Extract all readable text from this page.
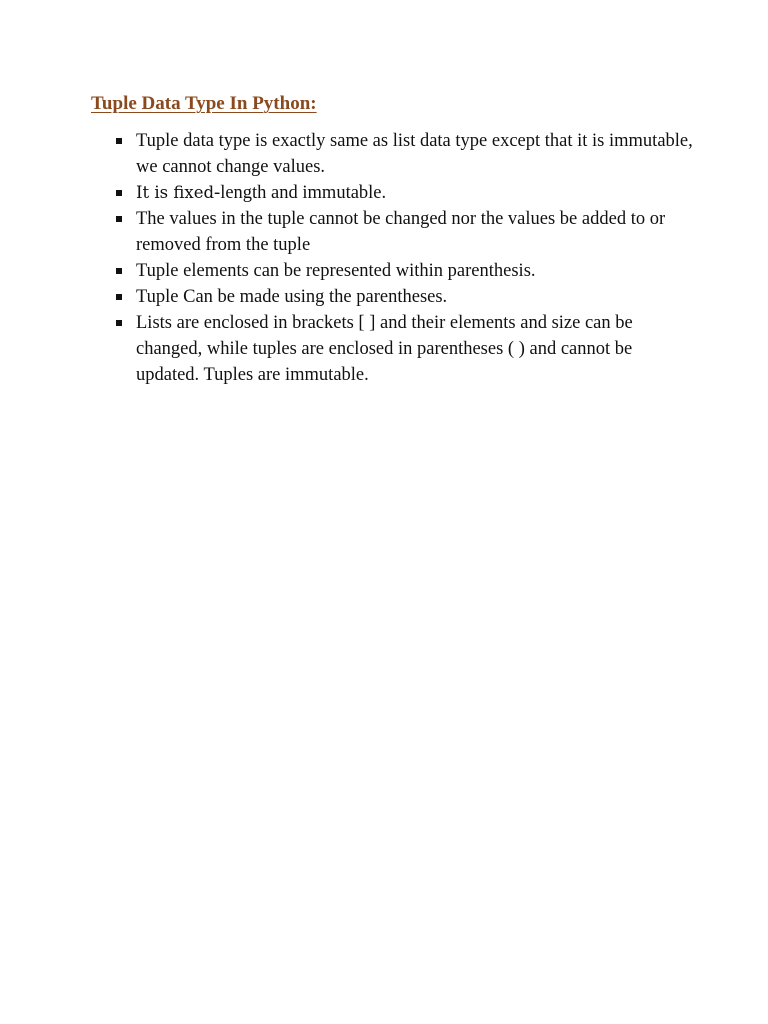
Tuple Data Type In Python:
Tuple data type is exactly same as list data type except that it is immutable, we cannot change values.
It is fixed-length and immutable.
The values in the tuple cannot be changed nor the values be added to or removed from the tuple
Tuple elements can be represented within parenthesis.
Tuple Can be made using the parentheses.
Lists are enclosed in brackets [ ] and their elements and size can be changed, while tuples are enclosed in parentheses ( ) and cannot be updated. Tuples are immutable.
